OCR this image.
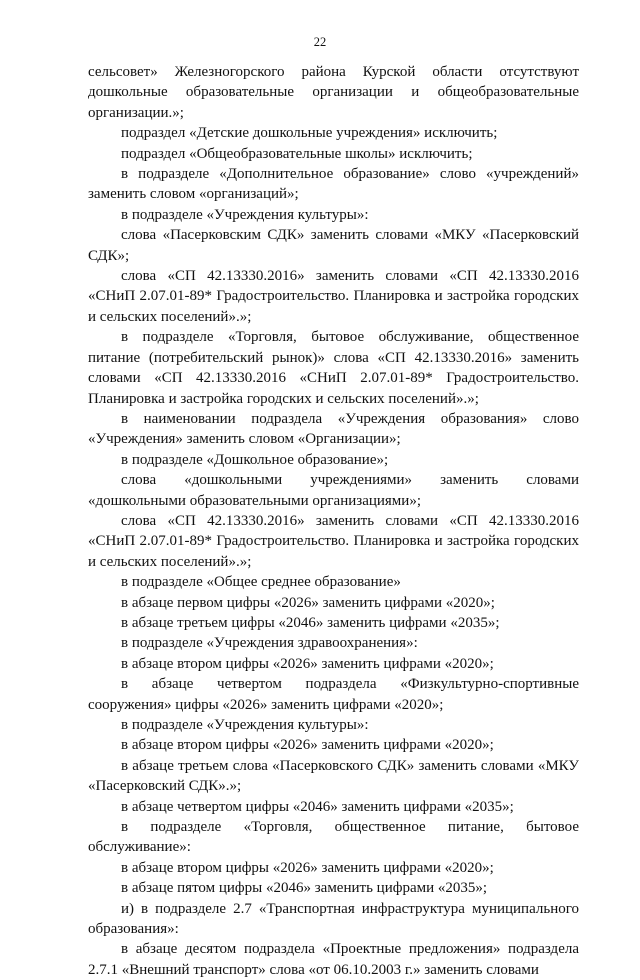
22

сельсовет» Железногорского района Курской области отсутствуют дошкольные образовательные организации и общеобразовательные организации.»;

подраздел «Детские дошкольные учреждения» исключить;

подраздел «Общеобразовательные школы» исключить;

в подразделе «Дополнительное образование» слово «учреждений» заменить словом «организаций»;

в подразделе «Учреждения культуры»:

слова «Пасерковским СДК» заменить словами «МКУ «Пасерковский СДК»;

слова «СП 42.13330.2016» заменить словами «СП 42.13330.2016 «СНиП 2.07.01-89* Градостроительство. Планировка и застройка городских и сельских поселений».»;

в подразделе «Торговля, бытовое обслуживание, общественное питание (потребительский рынок)» слова «СП 42.13330.2016» заменить словами «СП 42.13330.2016 «СНиП 2.07.01-89* Градостроительство. Планировка и застройка городских и сельских поселений».»;

в наименовании подраздела «Учреждения образования» слово «Учреждения» заменить словом «Организации»;

в подразделе «Дошкольное образование»;

слова «дошкольными учреждениями» заменить словами «дошкольными образовательными организациями»;

слова «СП 42.13330.2016» заменить словами «СП 42.13330.2016 «СНиП 2.07.01-89* Градостроительство. Планировка и застройка городских и сельских поселений».»;

в подразделе «Общее среднее образование»

в абзаце первом цифры «2026» заменить цифрами «2020»;

в абзаце третьем цифры «2046» заменить цифрами «2035»;

в подразделе «Учреждения здравоохранения»:

в абзаце втором цифры «2026» заменить цифрами «2020»;

в абзаце четвертом подраздела «Физкультурно-спортивные сооружения» цифры «2026» заменить цифрами «2020»;

в подразделе «Учреждения культуры»:

в абзаце втором цифры «2026» заменить цифрами «2020»;

в абзаце третьем слова «Пасерковского СДК» заменить словами «МКУ «Пасерковский СДК».»;

в абзаце четвертом цифры «2046» заменить цифрами «2035»;

в подразделе «Торговля, общественное питание, бытовое обслуживание»:

в абзаце втором цифры «2026» заменить цифрами «2020»;

в абзаце пятом цифры «2046» заменить цифрами «2035»;

и) в подразделе 2.7 «Транспортная инфраструктура муниципального образования»:

в абзаце десятом подраздела «Проектные предложения» подраздела 2.7.1 «Внешний транспорт» слова «от 06.10.2003 г.» заменить словами
